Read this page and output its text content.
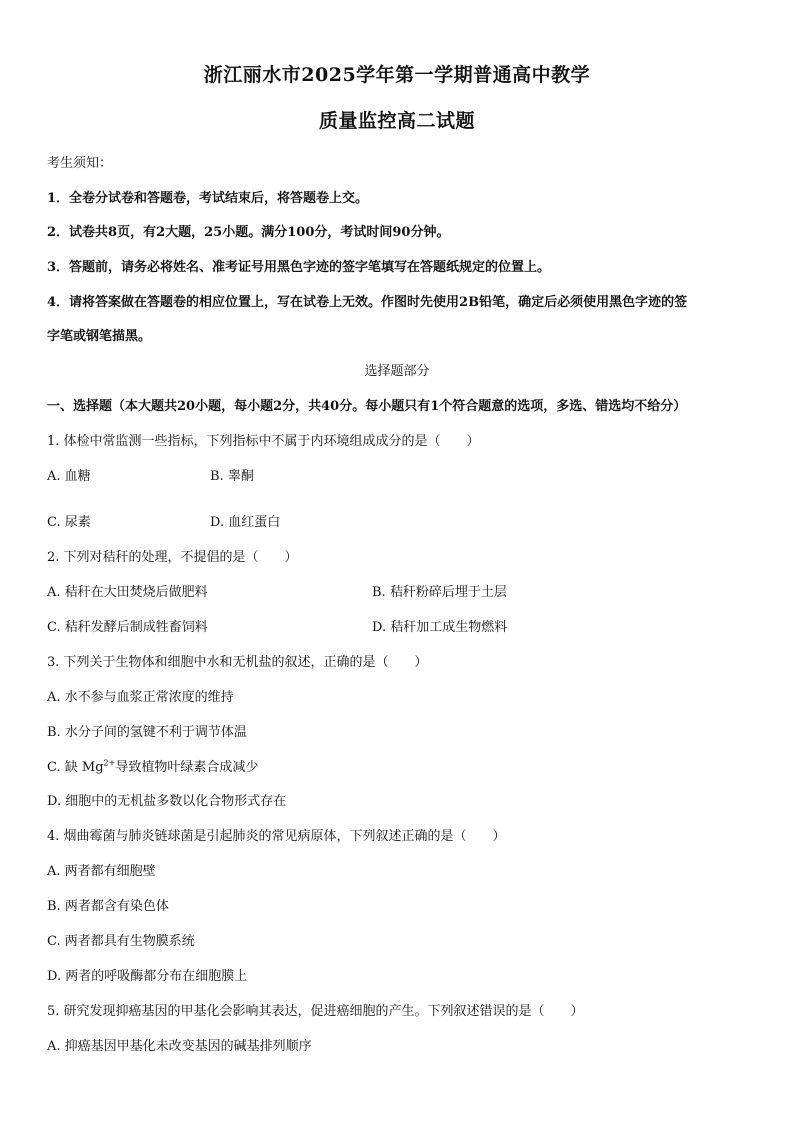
浙江丽水市2025学年第一学期普通高中教学
质量监控高二试题
考生须知：
1．全卷分试卷和答题卷，考试结束后，将答题卷上交。
2．试卷共8页，有2大题，25小题。满分100分，考试时间90分钟。
3．答题前，请务必将姓名、准考证号用黑色字迹的签字笔填写在答题纸规定的位置上。
4．请将答案做在答题卷的相应位置上，写在试卷上无效。作图时先使用2B铅笔，确定后必须使用黑色字迹的签
字笔或钢笔描黑。
选择题部分
一、选择题（本大题共20小题，每小题2分，共40分。每小题只有1个符合题意的选项，多选、错选均不给分）
1. 体检中常监测一些指标，下列指标中不属于内环境组成成分的是（　　）
A. 血糖	B. 睾酮
C. 尿素	D. 血红蛋白
2. 下列对秸秆的处理，不提倡的是（　　）
A. 秸秆在大田焚烧后做肥料	B. 秸秆粉碎后埋于土层
C. 秸秆发酵后制成牲畜饲料	D. 秸秆加工成生物燃料
3. 下列关于生物体和细胞中水和无机盐的叙述，正确的是（　　）
A. 水不参与血浆正常浓度的维持
B. 水分子间的氢键不利于调节体温
C. 缺 $Mg^{2+}$导致植物叶绿素合成减少
D. 细胞中的无机盐多数以化合物形式存在
4. 烟曲霉菌与肺炎链球菌是引起肺炎的常见病原体，下列叙述正确的是（　　）
A. 两者都有细胞壁
B. 两者都含有染色体
C. 两者都具有生物膜系统
D. 两者的呼吸酶都分布在细胞膜上
5. 研究发现抑癌基因的甲基化会影响其表达，促进癌细胞的产生。下列叙述错误的是（　　）
A. 抑癌基因甲基化未改变基因的碱基排列顺序
